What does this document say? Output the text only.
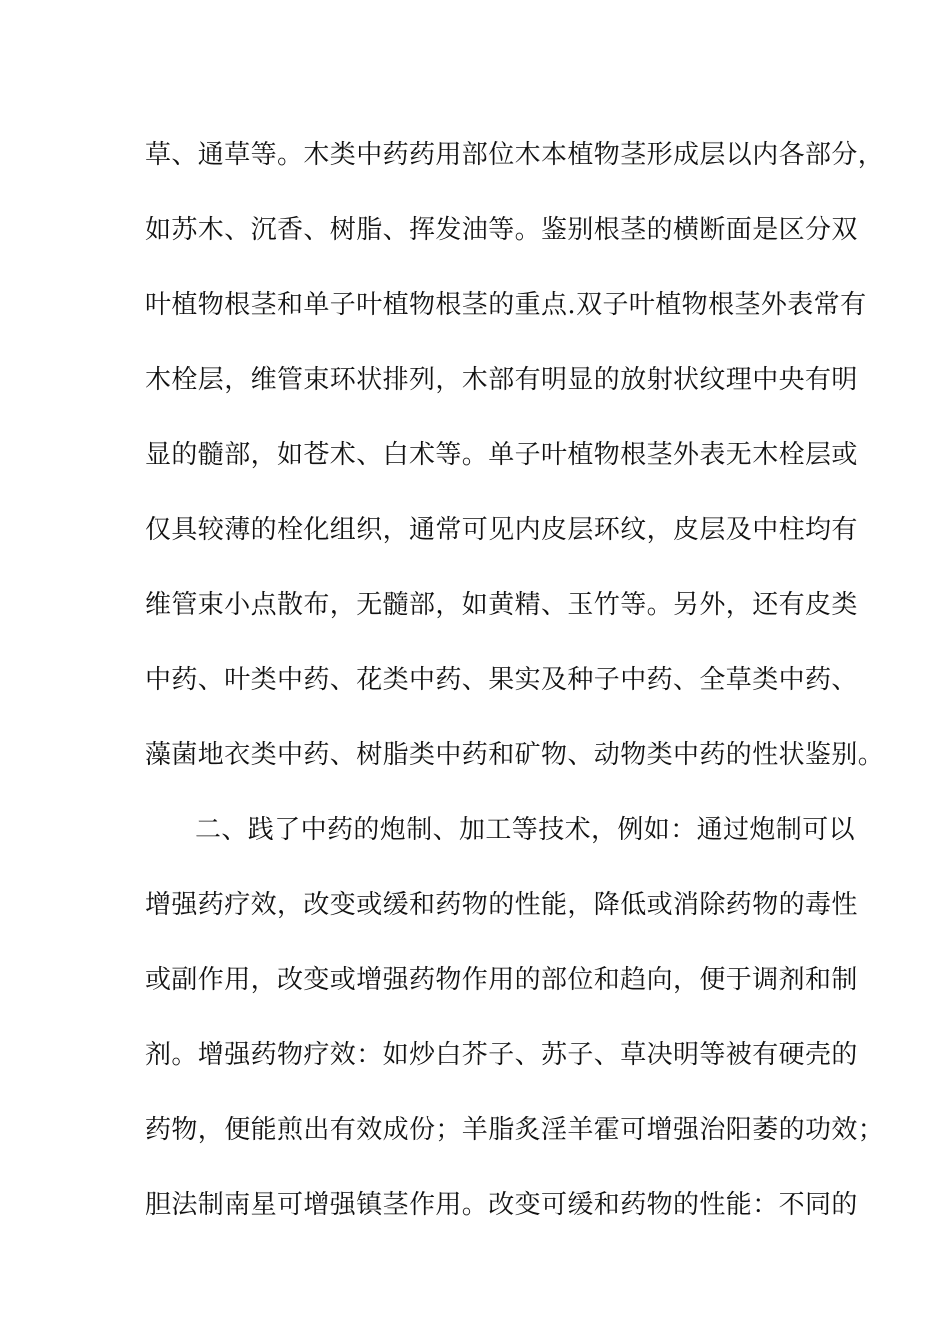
草、通草等。木类中药药用部位木本植物茎形成层以内各部分，
如苏木、沉香、树脂、挥发油等。鉴别根茎的横断面是区分双
叶植物根茎和单子叶植物根茎的重点.双子叶植物根茎外表常有
木栓层，维管束环状排列，木部有明显的放射状纹理中央有明
显的髓部，如苍术、白术等。单子叶植物根茎外表无木栓层或
仅具较薄的栓化组织，通常可见内皮层环纹，皮层及中柱均有
维管束小点散布，无髓部，如黄精、玉竹等。另外，还有皮类
中药、叶类中药、花类中药、果实及种子中药、全草类中药、
藻菌地衣类中药、树脂类中药和矿物、动物类中药的性状鉴别。
二、践了中药的炮制、加工等技术，例如：通过炮制可以
增强药疗效，改变或缓和药物的性能，降低或消除药物的毒性
或副作用，改变或增强药物作用的部位和趋向，便于调剂和制
剂。增强药物疗效：如炒白芥子、苏子、草决明等被有硬壳的
药物，便能煎出有效成份；羊脂炙淫羊霍可增强治阳萎的功效；
胆法制南星可增强镇茎作用。改变可缓和药物的性能：不同的
